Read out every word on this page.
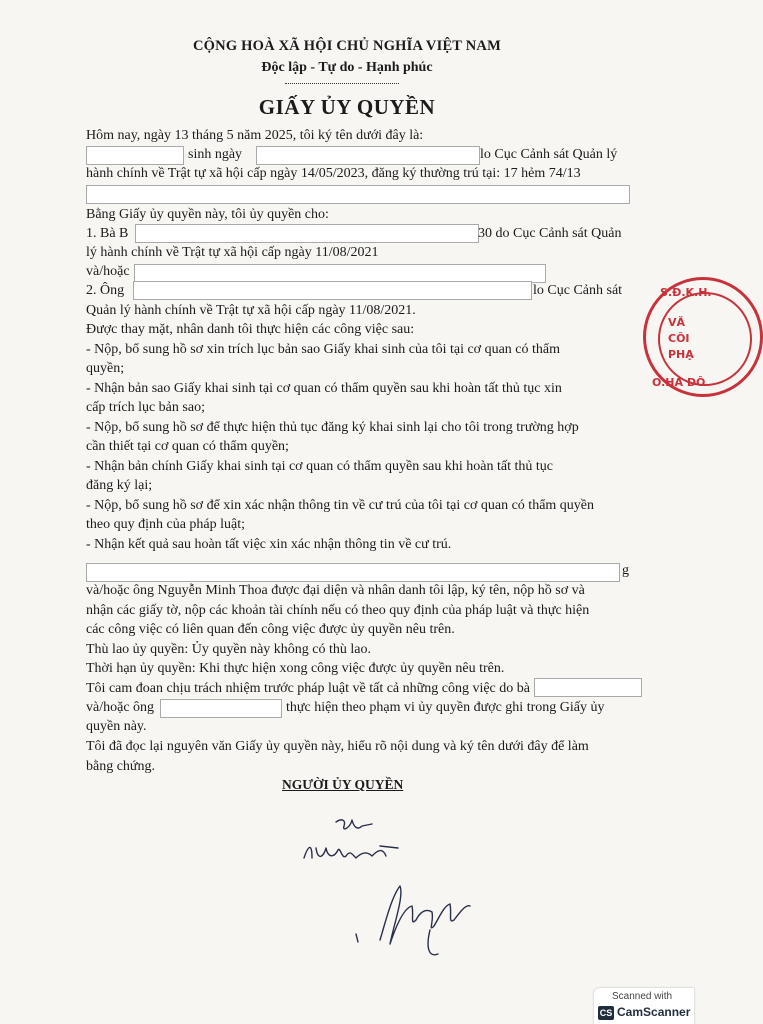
CỘNG HOÀ XÃ HỘI CHỦ NGHĨA VIỆT NAM
Độc lập - Tự do - Hạnh phúc
GIẤY ỦY QUYỀN
Hôm nay, ngày 13 tháng 5 năm 2025, tôi ký tên dưới đây là:
sinh ngày	lo Cục Cảnh sát Quản lý
hành chính về Trật tự xã hội cấp ngày 14/05/2023, đăng ký thường trú tại: 17 hẻm 74/13
Bằng Giấy ủy quyền này, tôi ủy quyền cho:
1. Bà B	30 do Cục Cảnh sát Quản
lý hành chính về Trật tự xã hội cấp ngày 11/08/2021
và/hoặc
2. Ông	lo Cục Cảnh sát
Quản lý hành chính về Trật tự xã hội cấp ngày 11/08/2021.
Được thay mặt, nhân danh tôi thực hiện các công việc sau:
- Nộp, bổ sung hồ sơ xin trích lục bản sao Giấy khai sinh của tôi tại cơ quan có thẩm
quyền;
- Nhận bản sao Giấy khai sinh tại cơ quan có thẩm quyền sau khi hoàn tất thủ tục xin
cấp trích lục bản sao;
- Nộp, bổ sung hồ sơ để thực hiện thủ tục đăng ký khai sinh lại cho tôi trong trường hợp
cần thiết tại cơ quan có thẩm quyền;
- Nhận bản chính Giấy khai sinh tại cơ quan có thẩm quyền sau khi hoàn tất thủ tục
đăng ký lại;
- Nộp, bổ sung hồ sơ để xin xác nhận thông tin về cư trú của tôi tại cơ quan có thẩm quyền
theo quy định của pháp luật;
- Nhận kết quả sau hoàn tất việc xin xác nhận thông tin về cư trú.
g
và/hoặc ông Nguyễn Minh Thoa được đại diện và nhân danh tôi lập, ký tên, nộp hồ sơ và
nhận các giấy tờ, nộp các khoản tài chính nếu có theo quy định của pháp luật và thực hiện
các công việc có liên quan đến công việc được ủy quyền nêu trên.
Thù lao ủy quyền: Ủy quyền này không có thù lao.
Thời hạn ủy quyền: Khi thực hiện xong công việc được ủy quyền nêu trên.
Tôi cam đoan chịu trách nhiệm trước pháp luật về tất cả những công việc do bà
và/hoặc ông	thực hiện theo phạm vi ủy quyền được ghi trong Giấy ủy
quyền này.
Tôi đã đọc lại nguyên văn Giấy ủy quyền này, hiểu rõ nội dung và ký tên dưới đây để làm
bằng chứng.
NGƯỜI ỦY QUYỀN
S.Đ.K.H.
VĂ
CÔI
PHẠ
O.HÀ ĐÔ
Scanned with
CS CamScanner
